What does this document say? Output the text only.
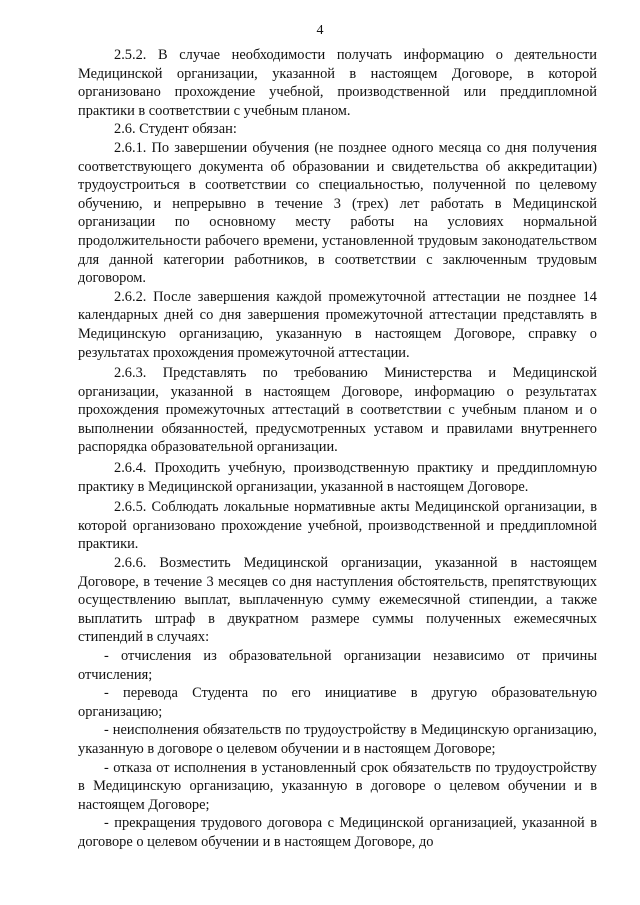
4

2.5.2. В случае необходимости получать информацию о деятельности Медицинской организации, указанной в настоящем Договоре, в которой организовано прохождение учебной, производственной или преддипломной практики в соответствии с учебным планом.

2.6. Студент обязан:

2.6.1. По завершении обучения (не позднее одного месяца со дня получения соответствующего документа об образовании и свидетельства об аккредитации) трудоустроиться в соответствии со специальностью, полученной по целевому обучению, и непрерывно в течение 3 (трех) лет работать в Медицинской организации по основному месту работы на условиях нормальной продолжительности рабочего времени, установленной трудовым законодательством для данной категории работников, в соответствии с заключенным трудовым договором.

2.6.2. После завершения каждой промежуточной аттестации не позднее 14 календарных дней со дня завершения промежуточной аттестации представлять в Медицинскую организацию, указанную в настоящем Договоре, справку о результатах прохождения промежуточной аттестации.

2.6.3. Представлять по требованию Министерства и Медицинской организации, указанной в настоящем Договоре, информацию о результатах прохождения промежуточных аттестаций в соответствии с учебным планом и о выполнении обязанностей, предусмотренных уставом и правилами внутреннего распорядка образовательной организации.

2.6.4. Проходить учебную, производственную практику и преддипломную практику в Медицинской организации, указанной в настоящем Договоре.

2.6.5. Соблюдать локальные нормативные акты Медицинской организации, в которой организовано прохождение учебной, производственной и преддипломной практики.

2.6.6. Возместить Медицинской организации, указанной в настоящем Договоре, в течение 3 месяцев со дня наступления обстоятельств, препятствующих осуществлению выплат, выплаченную сумму ежемесячной стипендии, а также выплатить штраф в двукратном размере суммы полученных ежемесячных стипендий в случаях:

- отчисления из образовательной организации независимо от причины отчисления;

- перевода Студента по его инициативе в другую образовательную организацию;

- неисполнения обязательств по трудоустройству в Медицинскую организацию, указанную в договоре о целевом обучении и в настоящем Договоре;

- отказа от исполнения в установленный срок обязательств по трудоустройству в Медицинскую организацию, указанную в договоре о целевом обучении и в настоящем Договоре;

- прекращения трудового договора с Медицинской организацией, указанной в договоре о целевом обучении и в настоящем Договоре, до
